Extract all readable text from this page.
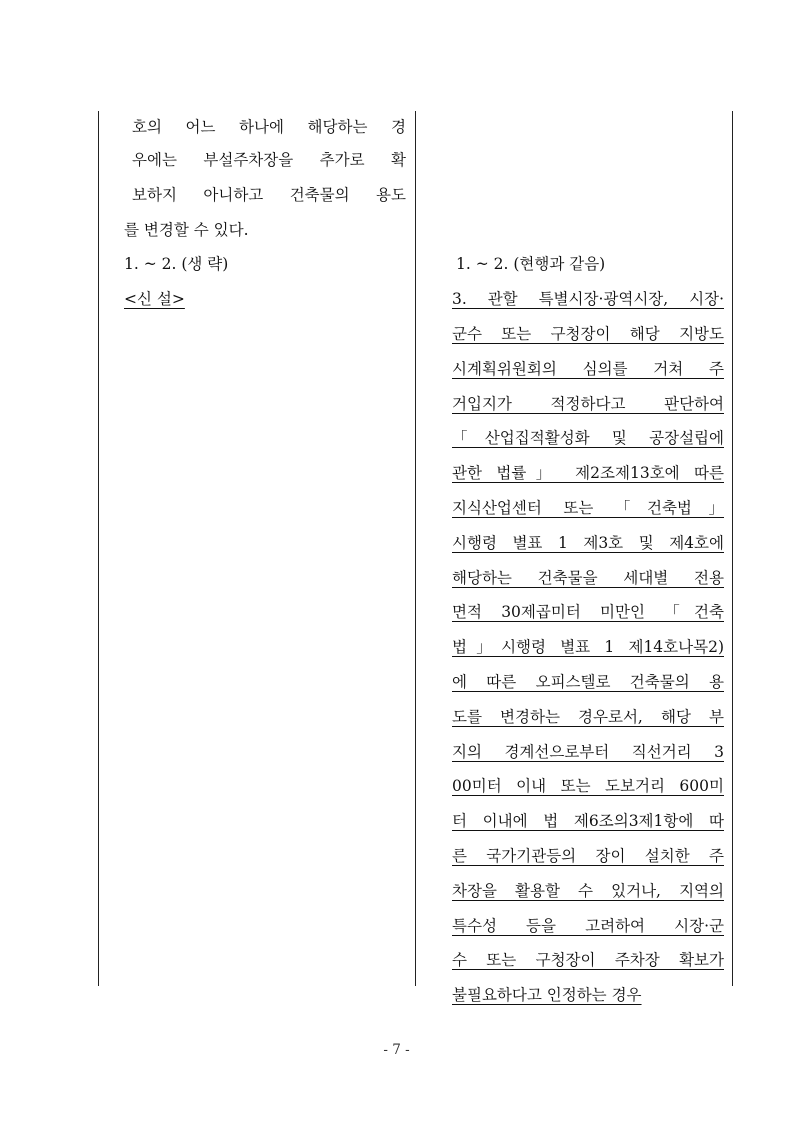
호의 어느 하나에 해당하는 경
우에는 부설주차장을 추가로 확
보하지 아니하고 건축물의 용도
를 변경할 수 있다.
1. ~ 2. (생 략)
<신 설>
1. ~ 2. (현행과 같음)
3. 관할 특별시장·광역시장, 시장·
군수 또는 구청장이 해당 지방도
시계획위원회의 심의를 거쳐 주
거입지가 적정하다고 판단하여
「산업집적활성화 및 공장설립에
관한 법률」 제2조제13호에 따른
지식산업센터 또는 「건축법」
시행령 별표 1 제3호 및 제4호에
해당하는 건축물을 세대별 전용
면적 30제곱미터 미만인 「건축
법」시행령 별표 1 제14호나목2)
에 따른 오피스텔로 건축물의 용
도를 변경하는 경우로서, 해당 부
지의 경계선으로부터 직선거리 3
00미터 이내 또는 도보거리 600미
터 이내에 법 제6조의3제1항에 따
른 국가기관등의 장이 설치한 주
차장을 활용할 수 있거나, 지역의
특수성 등을 고려하여 시장·군
수 또는 구청장이 주차장 확보가
불필요하다고 인정하는 경우
- 7 -
